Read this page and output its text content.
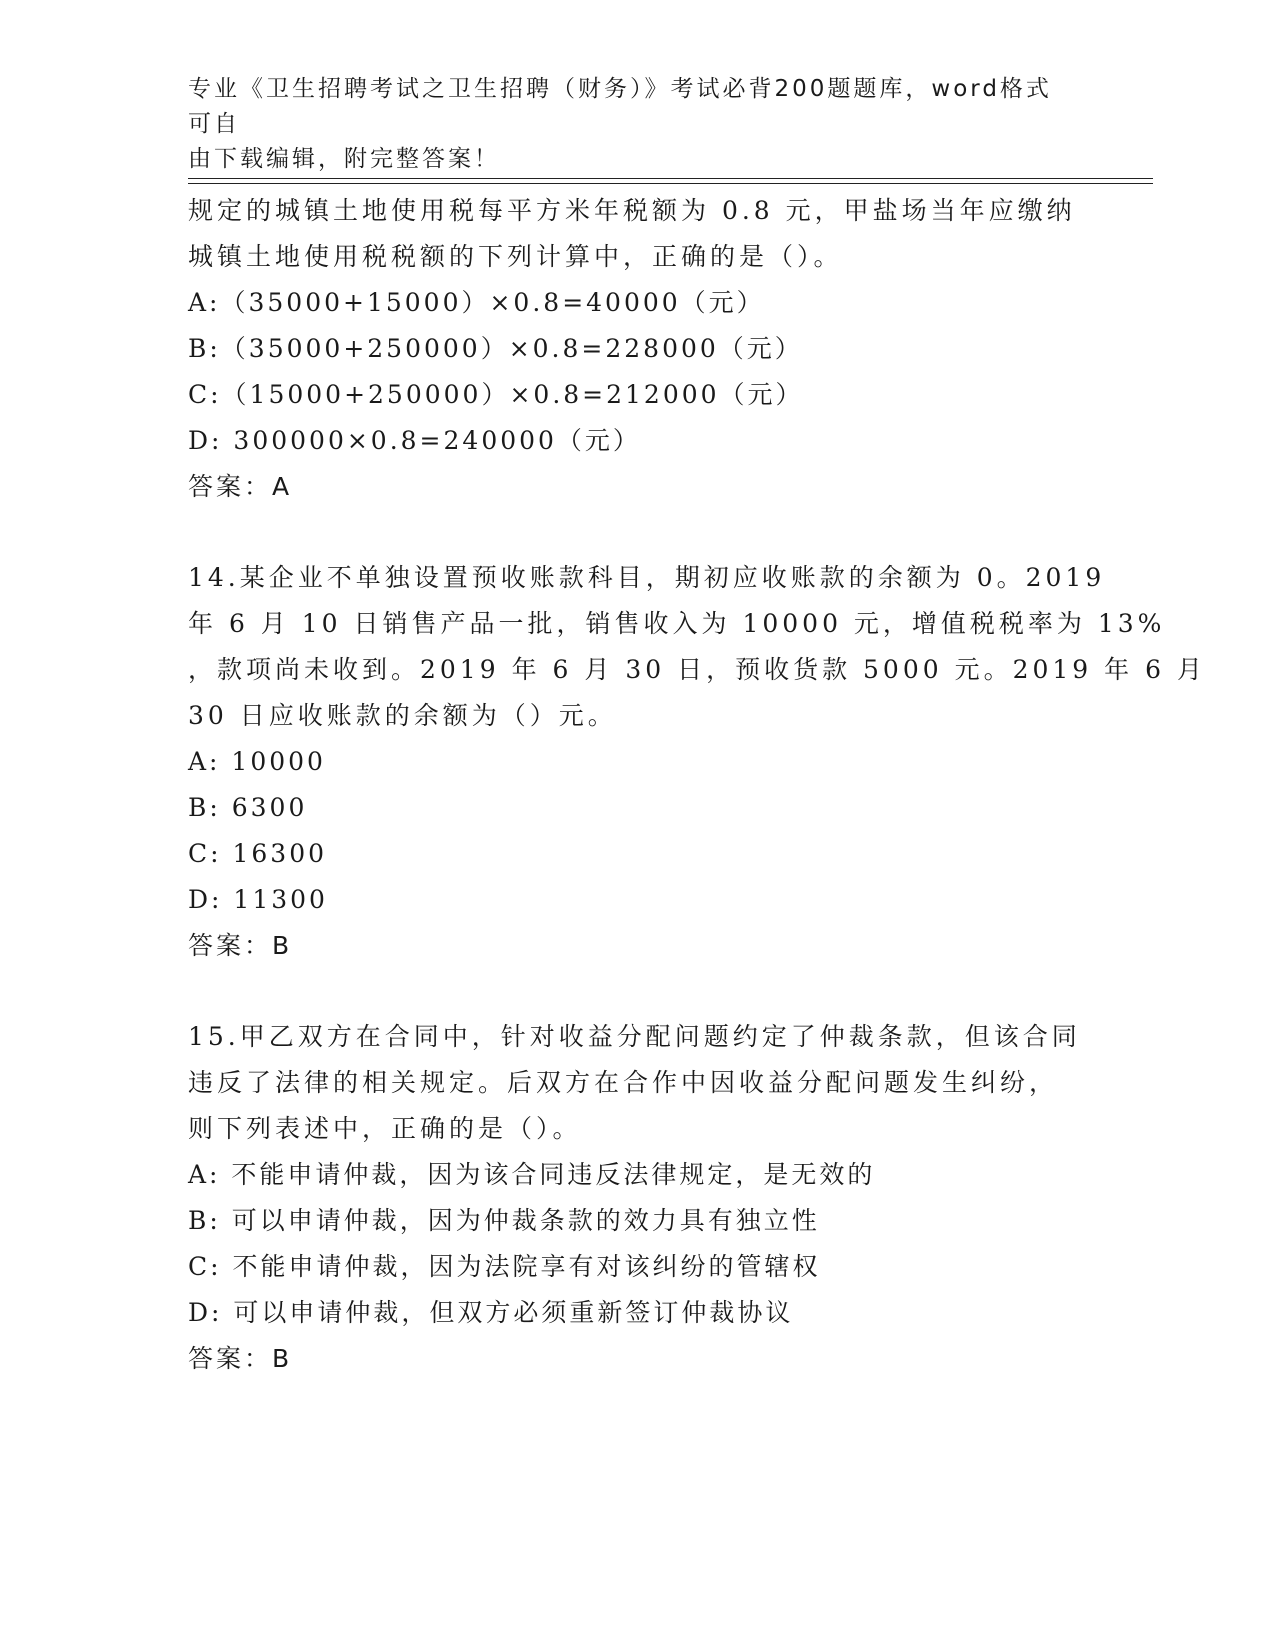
专业《卫生招聘考试之卫生招聘（财务）》考试必背200题题库，word格式可自
由下载编辑，附完整答案！
规定的城镇土地使用税每平方米年税额为 0.8 元，甲盐场当年应缴纳
城镇土地使用税税额的下列计算中，正确的是（）。
A:（35000+15000）×0.8=40000（元）
B:（35000+250000）×0.8=228000（元）
C:（15000+250000）×0.8=212000（元）
D: 300000×0.8=240000（元）
答案：A
14.某企业不单独设置预收账款科目，期初应收账款的余额为 0。2019
年 6 月 10 日销售产品一批，销售收入为 10000 元，增值税税率为 13%
，款项尚未收到。2019 年 6 月 30 日，预收货款 5000 元。2019 年 6 月
30 日应收账款的余额为（）元。
A: 10000
B: 6300
C: 16300
D: 11300
答案：B
15.甲乙双方在合同中，针对收益分配问题约定了仲裁条款，但该合同
违反了法律的相关规定。后双方在合作中因收益分配问题发生纠纷，
则下列表述中，正确的是（）。
A: 不能申请仲裁，因为该合同违反法律规定，是无效的
B: 可以申请仲裁，因为仲裁条款的效力具有独立性
C: 不能申请仲裁，因为法院享有对该纠纷的管辖权
D: 可以申请仲裁，但双方必须重新签订仲裁协议
答案：B
